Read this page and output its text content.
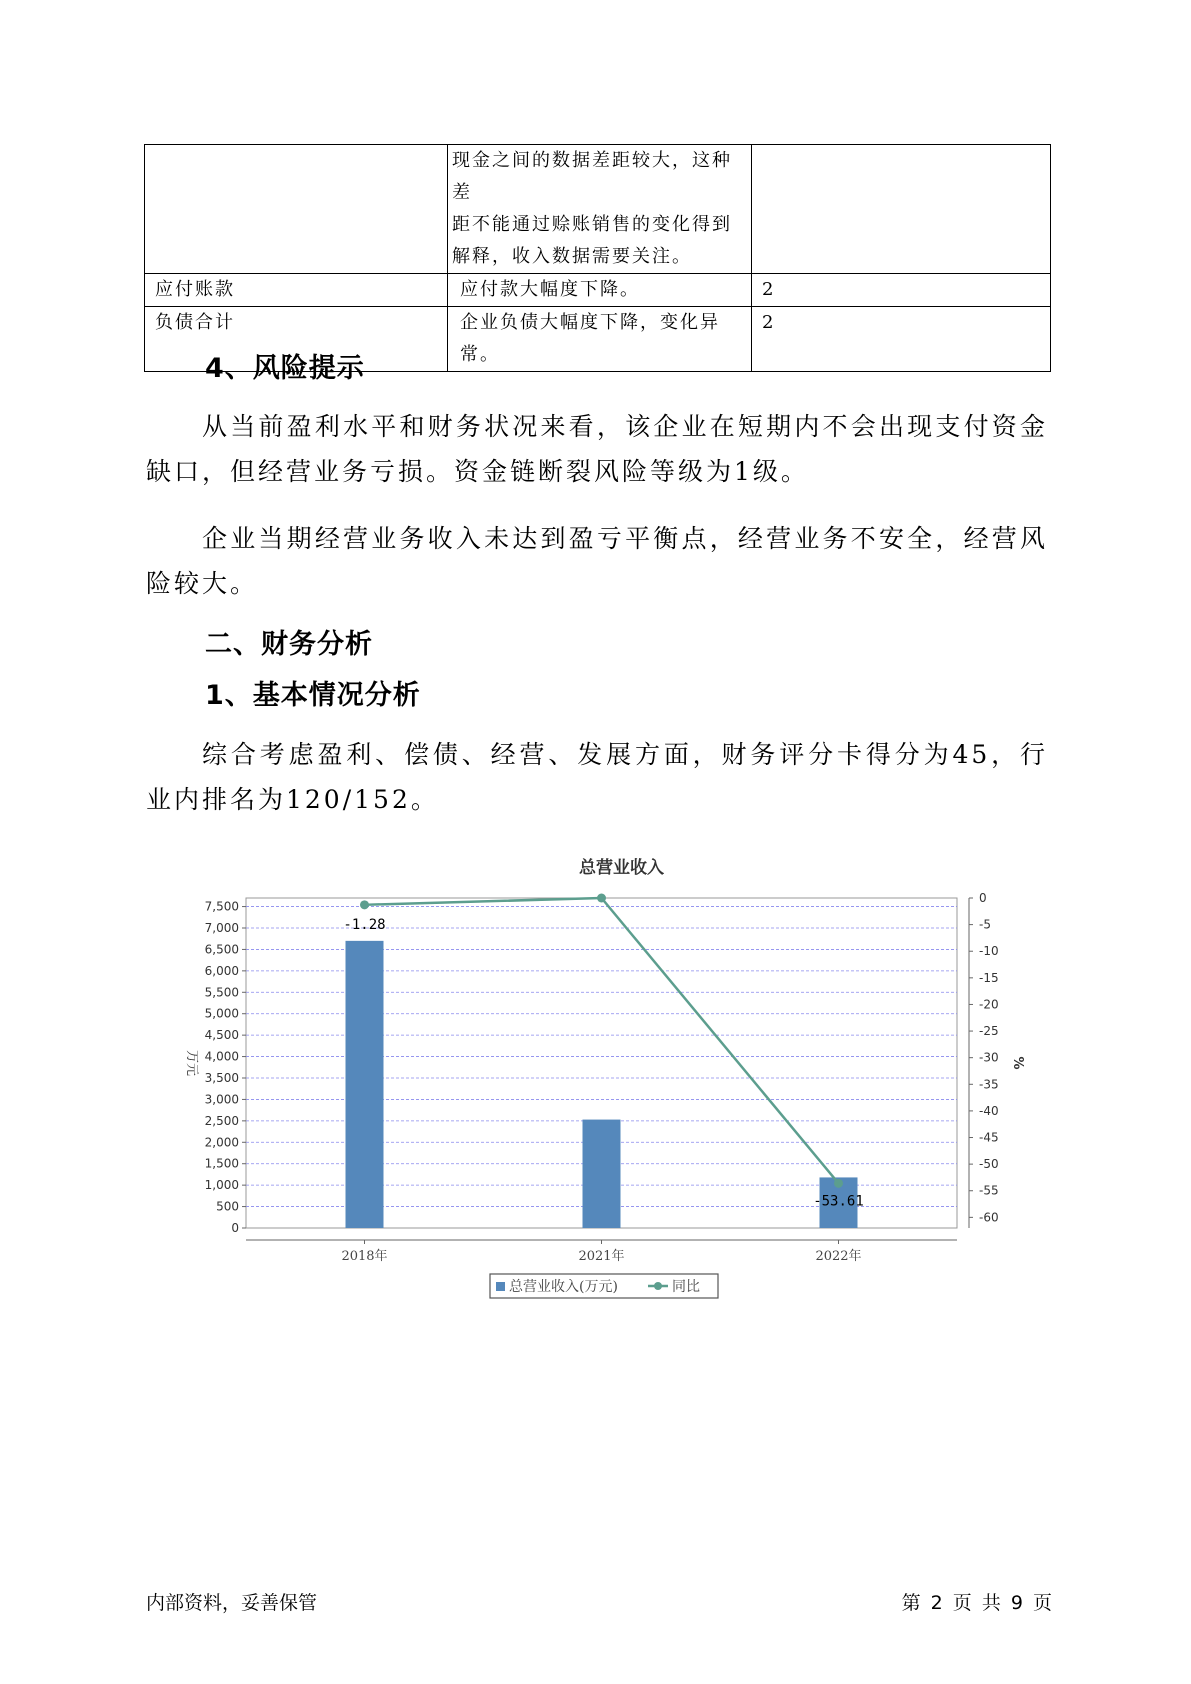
	现金之间的数据差距较大，这种差
距不能通过赊账销售的变化得到
解释，收入数据需要关注。	

应付账款	应付款大幅度下降。	2
负债合计	企业负债大幅度下降，变化异常。	2
4、风险提示

从当前盈利水平和财务状况来看，该企业在短期内不会出现支付资金缺口，但经营业务亏损。资金链断裂风险等级为1级。

企业当期经营业务收入未达到盈亏平衡点，经营业务不安全，经营风险较大。

二、财务分析
1、基本情况分析

综合考虑盈利、偿债、经营、发展方面，财务评分卡得分为45，行业内排名为120/152。

总营业收入
0
500
1,000
1,500
2,000
2,500
3,000
3,500
4,000
4,500
5,000
5,500
6,000
6,500
7,000
7,500
0
-5
-10
-15
-20
-25
-30
-35
-40
-45
-50
-55
-60
2018年	2021年	2022年
万元	%
-1.28
-53.61
总营业收入(万元)	同比
内部资料，妥善保管	第 2 页 共 9 页
